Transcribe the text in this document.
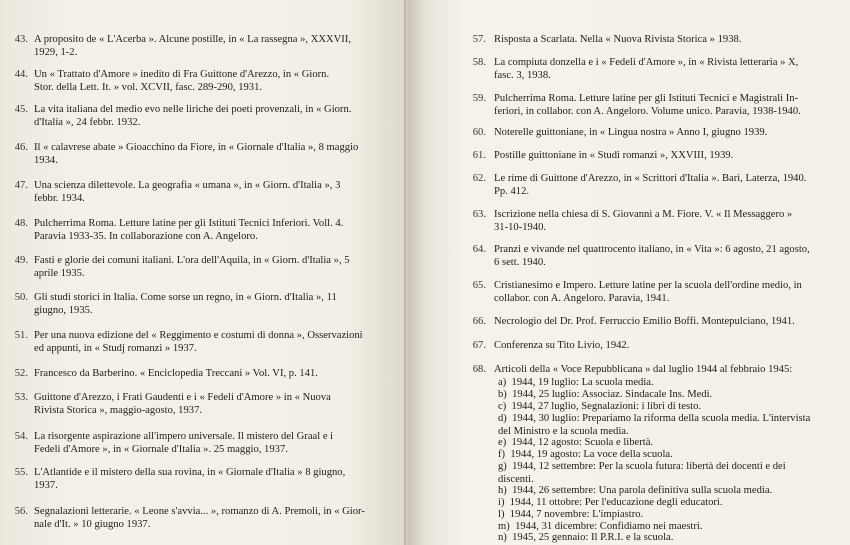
43. A proposito de « L'Acerba ». Alcune postille, in « La rassegna », XXXVII,
1929, 1-2.
44. Un « Trattato d'Amore » inedito di Fra Guittone d'Arezzo, in « Giorn.
Stor. della Lett. It. » vol. XCVII, fasc. 289-290, 1931.
45. La vita italiana del medio evo nelle liriche dei poeti provenzali, in « Giorn.
d'Italia », 24 febbr. 1932.
46. Il « calavrese abate » Gioacchino da Fiore, in « Giornale d'Italia », 8 maggio
1934.
47. Una scienza dilettevole. La geografia « umana », in « Giorn. d'Italia », 3
febbr. 1934.
48. Pulcherrima Roma. Letture latine per gli Istituti Tecnici Inferiori. Voll. 4.
Paravia 1933-35. In collaborazione con A. Angeloro.
49. Fasti e glorie dei comuni italiani. L'ora dell'Aquila, in « Giorn. d'Italia », 5
aprile 1935.
50. Gli studi storici in Italia. Come sorse un regno, in « Giorn. d'Italia », 11
giugno, 1935.
51. Per una nuova edizione del « Reggimento e costumi di donna », Osservazioni
ed appunti, in « Studj romanzi » 1937.
52. Francesco da Barberino. « Enciclopedia Treccani » Vol. VI, p. 141.
53. Guittone d'Arezzo, i Frati Gaudenti e i « Fedeli d'Amore » in « Nuova
Rivista Storica », maggio-agosto, 1937.
54. La risorgente aspirazione all'impero universale. Il mistero del Graal e i
Fedeli d'Amore », in « Giornale d'Italia ». 25 maggio, 1937.
55. L'Atlantide e il mistero della sua rovina, in « Giornale d'Italia » 8 giugno,
1937.
56. Segnalazioni letterarie. « Leone s'avvia... », romanzo di A. Premoli, in « Gior-
nale d'It. » 10 giugno 1937.
57. Risposta a Scarlata. Nella « Nuova Rivista Storica » 1938.
58. La compiuta donzella e i « Fedeli d'Amore », in « Rivista letteraria » X,
fasc. 3, 1938.
59. Pulcherrima Roma. Letture latine per gli Istituti Tecnici e Magistrali In-
feriori, in collabor. con A. Angeloro. Volume unico. Paravia, 1938-1940.
60. Noterelle guittoniane, in « Lingua nostra » Anno I, giugno 1939.
61. Postille guittoniane in « Studi romanzi », XXVIII, 1939.
62. Le rime di Guittone d'Arezzo, in « Scrittori d'Italia ». Bari, Laterza, 1940.
Pp. 412.
63. Iscrizione nella chiesa di S. Giovanni a M. Fiore. V. « Il Messaggero »
31-10-1940.
64. Pranzi e vivande nel quattrocento italiano, in « Vita »: 6 agosto, 21 agosto,
6 sett. 1940.
65. Cristianesimo e Impero. Letture latine per la scuola dell'ordine medio, in
collabor. con A. Angeloro. Paravia, 1941.
66. Necrologio del Dr. Prof. Ferruccio Emilio Boffi. Montepulciano, 1941.
67. Conferenza su Tito Livio, 1942.
68. Articoli della « Voce Repubblicana » dal luglio 1944 al febbraio 1945:
a) 1944, 19 luglio: La scuola media.
b) 1944, 25 luglio: Associaz. Sindacale Ins. Medi.
c) 1944, 27 luglio, Segnalazioni: i libri di testo.
d) 1944, 30 luglio: Prepariamo la riforma della scuola media. L'intervista
del Ministro e la scuola media.
e) 1944, 12 agosto: Scuola e libertà.
f) 1944, 19 agosto: La voce della scuola.
g) 1944, 12 settembre: Per la scuola futura: libertà dei docenti e dei
discenti.
h) 1944, 26 settembre: Una parola definitiva sulla scuola media.
i) 1944, 11 ottobre: Per l'educazione degli educatori.
l) 1944, 7 novembre: L'impiastro.
m) 1944, 31 dicembre: Confidiamo nei maestri.
n) 1945, 25 gennaio: Il P.R.I. e la scuola.
